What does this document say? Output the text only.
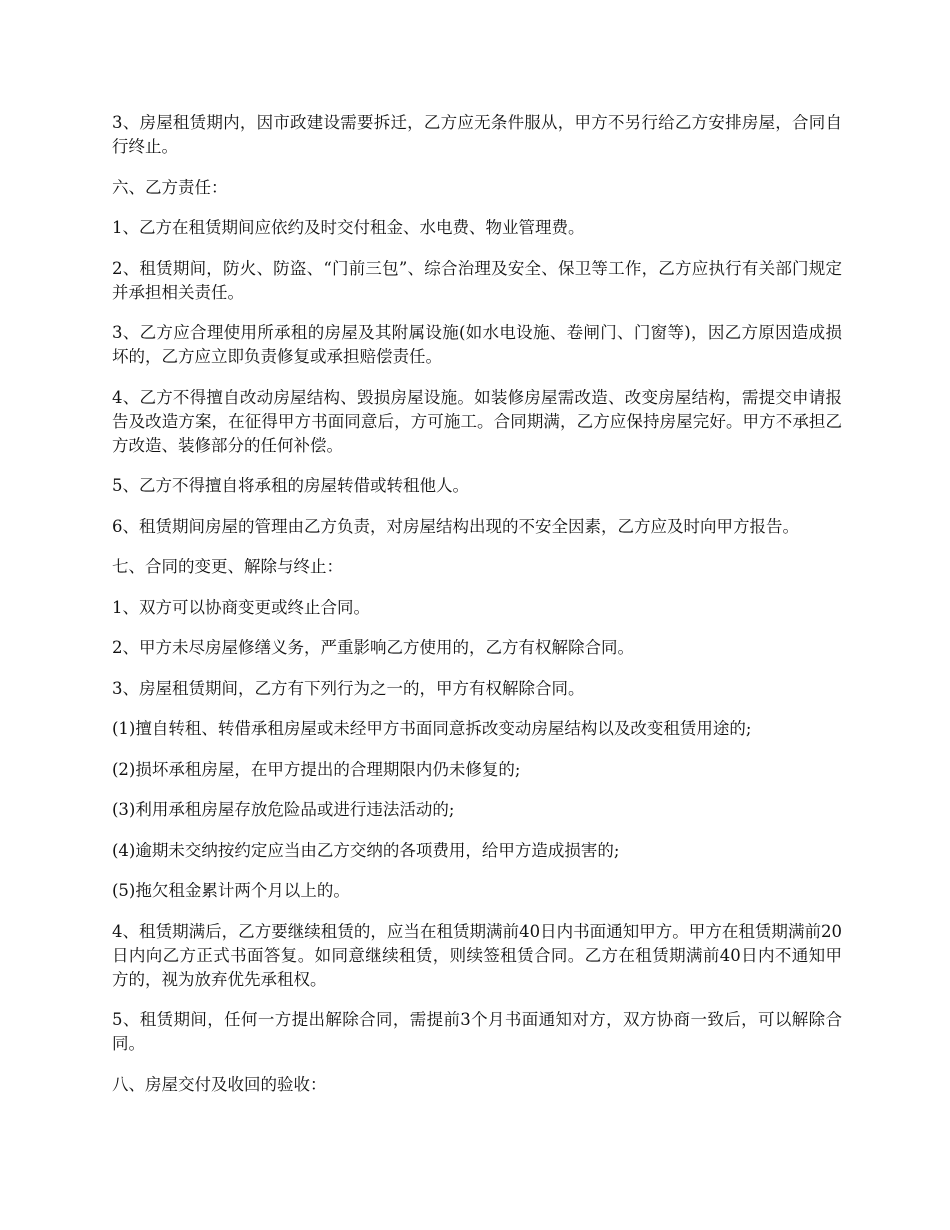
3、房屋租赁期内，因市政建设需要拆迁，乙方应无条件服从，甲方不另行给乙方安排房屋，合同自行终止。

六、乙方责任：

1、乙方在租赁期间应依约及时交付租金、水电费、物业管理费。

2、租赁期间，防火、防盗、“门前三包”、综合治理及安全、保卫等工作，乙方应执行有关部门规定并承担相关责任。

3、乙方应合理使用所承租的房屋及其附属设施(如水电设施、卷闸门、门窗等)，因乙方原因造成损坏的，乙方应立即负责修复或承担赔偿责任。

4、乙方不得擅自改动房屋结构、毁损房屋设施。如装修房屋需改造、改变房屋结构，需提交申请报告及改造方案，在征得甲方书面同意后，方可施工。合同期满，乙方应保持房屋完好。甲方不承担乙方改造、装修部分的任何补偿。

5、乙方不得擅自将承租的房屋转借或转租他人。

6、租赁期间房屋的管理由乙方负责，对房屋结构出现的不安全因素，乙方应及时向甲方报告。

七、合同的变更、解除与终止：

1、双方可以协商变更或终止合同。

2、甲方未尽房屋修缮义务，严重影响乙方使用的，乙方有权解除合同。

3、房屋租赁期间，乙方有下列行为之一的，甲方有权解除合同。

(1)擅自转租、转借承租房屋或未经甲方书面同意拆改变动房屋结构以及改变租赁用途的;

(2)损坏承租房屋，在甲方提出的合理期限内仍未修复的;

(3)利用承租房屋存放危险品或进行违法活动的;

(4)逾期未交纳按约定应当由乙方交纳的各项费用，给甲方造成损害的;

(5)拖欠租金累计两个月以上的。

4、租赁期满后，乙方要继续租赁的，应当在租赁期满前40日内书面通知甲方。甲方在租赁期满前20日内向乙方正式书面答复。如同意继续租赁，则续签租赁合同。乙方在租赁期满前40日内不通知甲方的，视为放弃优先承租权。

5、租赁期间，任何一方提出解除合同，需提前3个月书面通知对方，双方协商一致后，可以解除合同。

八、房屋交付及收回的验收：
